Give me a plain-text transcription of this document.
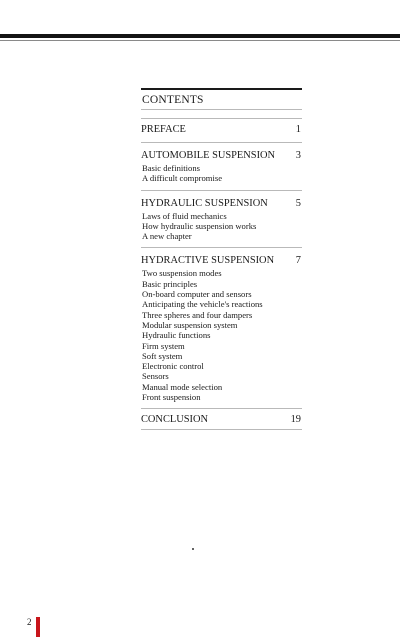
CONTENTS
PREFACE	1
AUTOMOBILE SUSPENSION 3
Basic definitions
A difficult compromise
HYDRAULIC SUSPENSION	5
Laws of fluid mechanics
How hydraulic suspension works
A new chapter
HYDRACTIVE SUSPENSION 7
Two suspension modes
Basic principles
On-board computer and sensors
Anticipating the vehicle's reactions
Three spheres and four dampers
Modular suspension system
Hydraulic functions
Firm system
Soft system
Electronic control
Sensors
Manual mode selection
Front suspension
CONCLUSION	19
2
